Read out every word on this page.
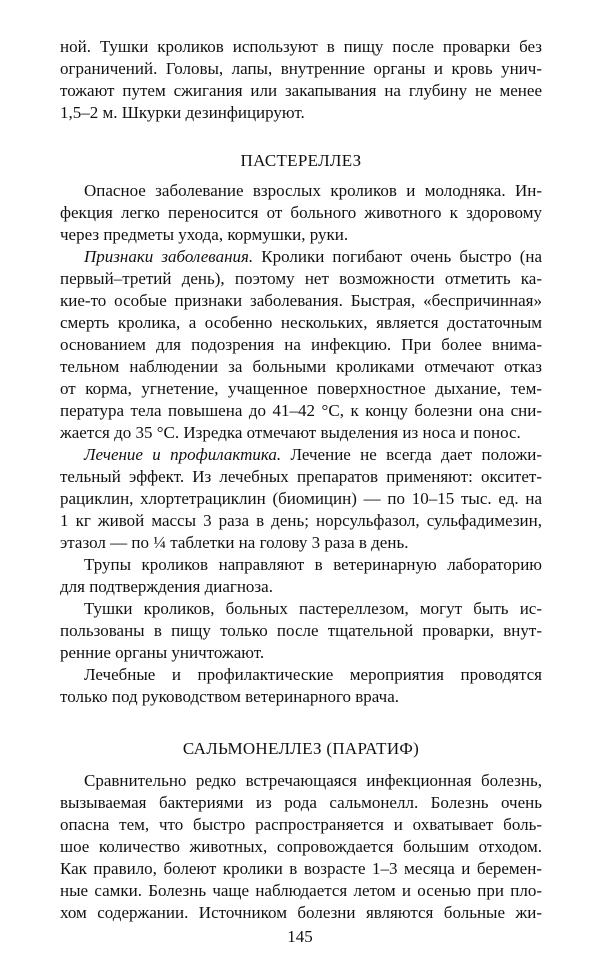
ной. Тушки кроликов используют в пищу после проварки без
ограничений. Головы, лапы, внутренние органы и кровь унич-
тожают путем сжигания или закапывания на глубину не менее
1,5–2 м. Шкурки дезинфицируют.
ПАСТЕРЕЛЛЕЗ
Опасное заболевание взрослых кроликов и молодняка. Ин-
фекция легко переносится от больного животного к здоровому
через предметы ухода, кормушки, руки.
Признаки заболевания. Кролики погибают очень быстро (на
первый–третий день), поэтому нет возможности отметить ка-
кие-то особые признаки заболевания. Быстрая, «беспричинная»
смерть кролика, а особенно нескольких, является достаточным
основанием для подозрения на инфекцию. При более внима-
тельном наблюдении за больными кроликами отмечают отказ
от корма, угнетение, учащенное поверхностное дыхание, тем-
пература тела повышена до 41–42 °С, к концу болезни она сни-
жается до 35 °С. Изредка отмечают выделения из носа и понос.
Лечение и профилактика. Лечение не всегда дает положи-
тельный эффект. Из лечебных препаратов применяют: окситет-
рациклин, хлортетрациклин (биомицин) — по 10–15 тыс. ед. на
1 кг живой массы 3 раза в день; норсульфазол, сульфадимезин,
этазол — по ¼ таблетки на голову 3 раза в день.
Трупы кроликов направляют в ветеринарную лабораторию
для подтверждения диагноза.
Тушки кроликов, больных пастереллезом, могут быть ис-
пользованы в пищу только после тщательной проварки, внут-
ренние органы уничтожают.
Лечебные и профилактические мероприятия проводятся
только под руководством ветеринарного врача.
САЛЬМОНЕЛЛЕЗ (ПАРАТИФ)
Сравнительно редко встречающаяся инфекционная болезнь,
вызываемая бактериями из рода сальмонелл. Болезнь очень
опасна тем, что быстро распространяется и охватывает боль-
шое количество животных, сопровождается большим отходом.
Как правило, болеют кролики в возрасте 1–3 месяца и беремен-
ные самки. Болезнь чаще наблюдается летом и осенью при пло-
хом содержании. Источником болезни являются больные жи-
145
